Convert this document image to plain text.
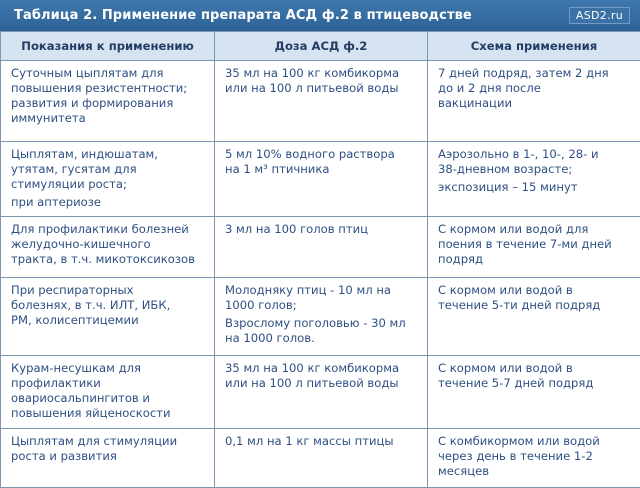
Таблица 2. Применение препарата АСД ф.2 в птицеводстве	ASD2.ru
Показания к применению	Доза АСД ф.2	Схема применения

Суточным цыплятам для
повышения резистентности;
развития и формирования
иммунитета	35 мл на 100 кг комбикорма
или на 100 л питьевой воды	7 дней подряд, затем 2 дня
до и 2 дня после
вакцинации

Цыплятам, индюшатам,
утятам, гусятам для
стимуляции роста;
при аптериозе	5 мл 10% водного раствора
на 1 м³ птичника	Аэрозольно в 1-, 10-, 28- и
38-дневном возрасте;
экспозиция – 15 минут

Для профилактики болезней
желудочно-кишечного
тракта, в т.ч. микотоксикозов	3 мл на 100 голов птиц	С кормом или водой для
поения в течение 7-ми дней
подряд

При респираторных
болезнях, в т.ч. ИЛТ, ИБК,
РМ, колисептицемии	Молодняку птиц - 10 мл на
1000 голов;
Взрослому поголовью - 30 мл
на 1000 голов.	С кормом или водой в
течение 5-ти дней подряд

Курам-несушкам для
профилактики
овариосальпингитов и
повышения яйценоскости	35 мл на 100 кг комбикорма
или на 100 л питьевой воды	С кормом или водой в
течение 5-7 дней подряд

Цыплятам для стимуляции
роста и развития	0,1 мл на 1 кг массы птицы	С комбикормом или водой
через день в течение 1-2
месяцев
